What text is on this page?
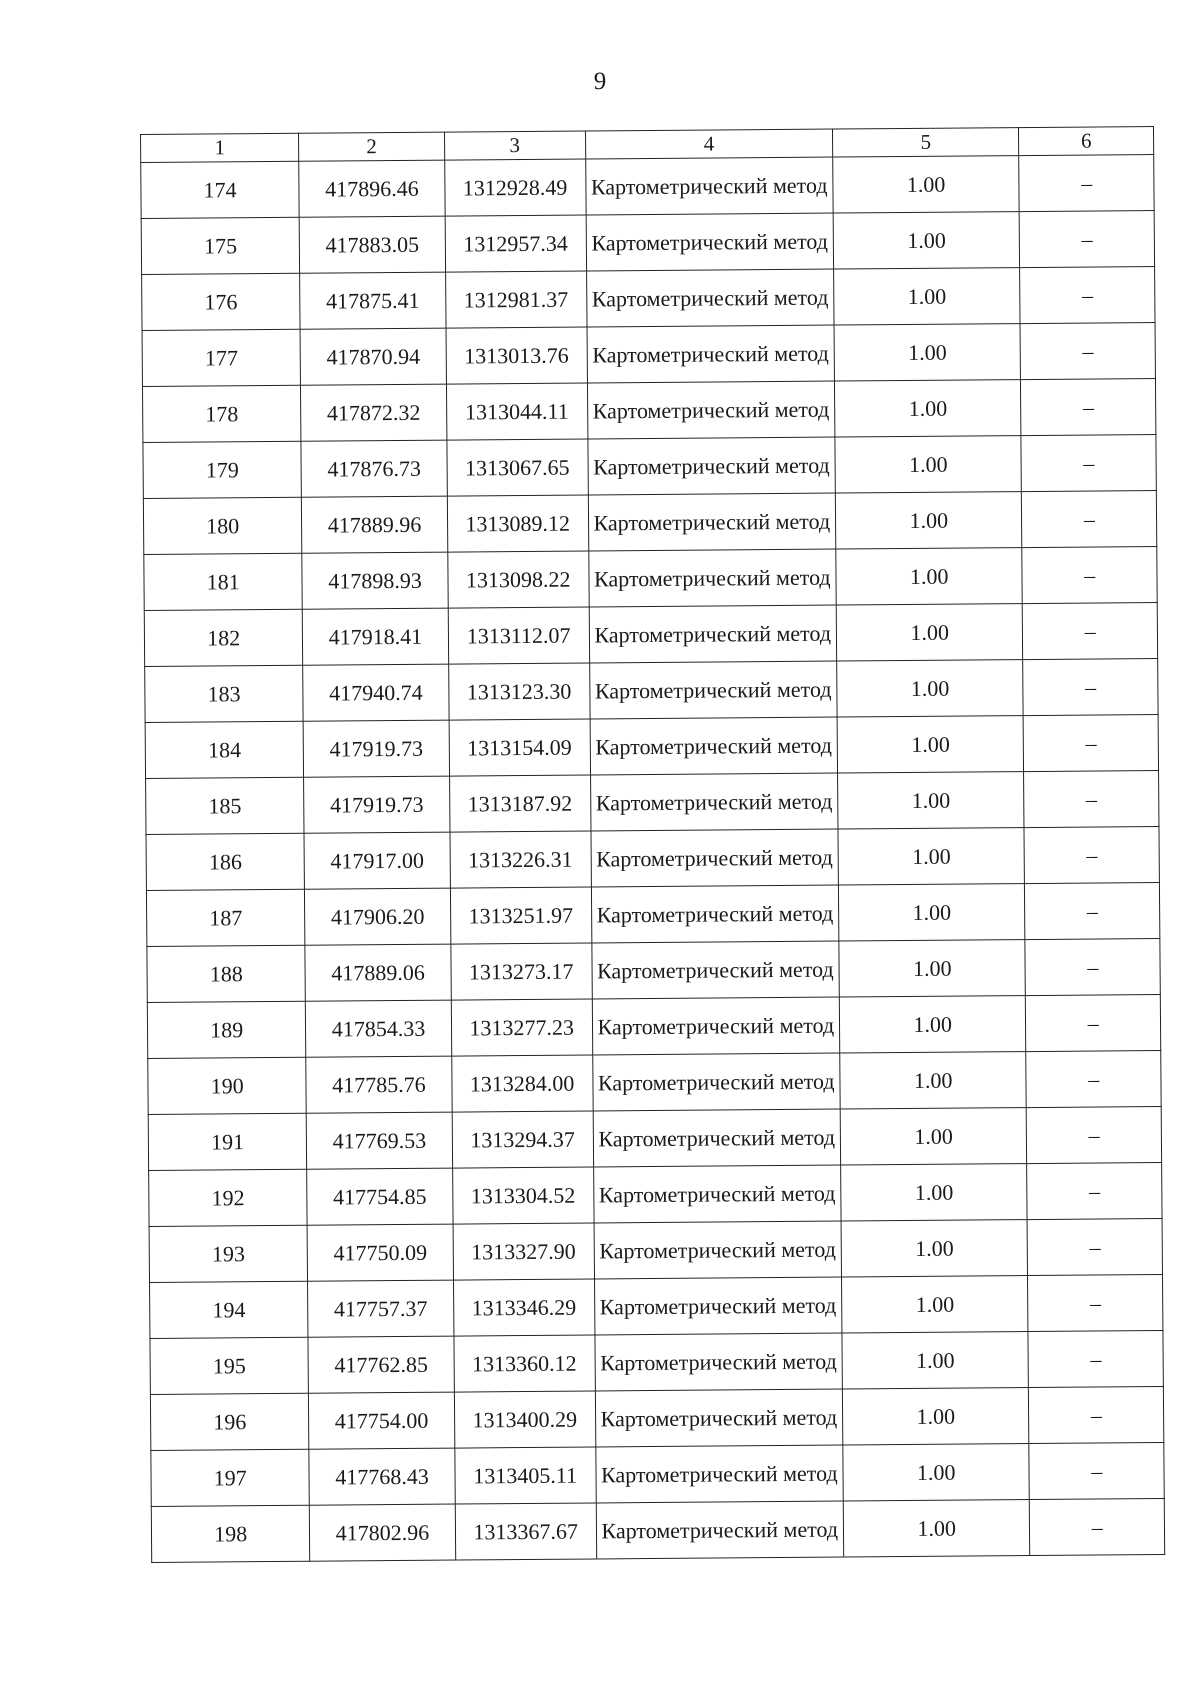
9
1	2	3	4	5	6
174	417896.46	1312928.49	Картометрический метод	1.00	–
175	417883.05	1312957.34	Картометрический метод	1.00	–
176	417875.41	1312981.37	Картометрический метод	1.00	–
177	417870.94	1313013.76	Картометрический метод	1.00	–
178	417872.32	1313044.11	Картометрический метод	1.00	–
179	417876.73	1313067.65	Картометрический метод	1.00	–
180	417889.96	1313089.12	Картометрический метод	1.00	–
181	417898.93	1313098.22	Картометрический метод	1.00	–
182	417918.41	1313112.07	Картометрический метод	1.00	–
183	417940.74	1313123.30	Картометрический метод	1.00	–
184	417919.73	1313154.09	Картометрический метод	1.00	–
185	417919.73	1313187.92	Картометрический метод	1.00	–
186	417917.00	1313226.31	Картометрический метод	1.00	–
187	417906.20	1313251.97	Картометрический метод	1.00	–
188	417889.06	1313273.17	Картометрический метод	1.00	–
189	417854.33	1313277.23	Картометрический метод	1.00	–
190	417785.76	1313284.00	Картометрический метод	1.00	–
191	417769.53	1313294.37	Картометрический метод	1.00	–
192	417754.85	1313304.52	Картометрический метод	1.00	–
193	417750.09	1313327.90	Картометрический метод	1.00	–
194	417757.37	1313346.29	Картометрический метод	1.00	–
195	417762.85	1313360.12	Картометрический метод	1.00	–
196	417754.00	1313400.29	Картометрический метод	1.00	–
197	417768.43	1313405.11	Картометрический метод	1.00	–
198	417802.96	1313367.67	Картометрический метод	1.00	–
